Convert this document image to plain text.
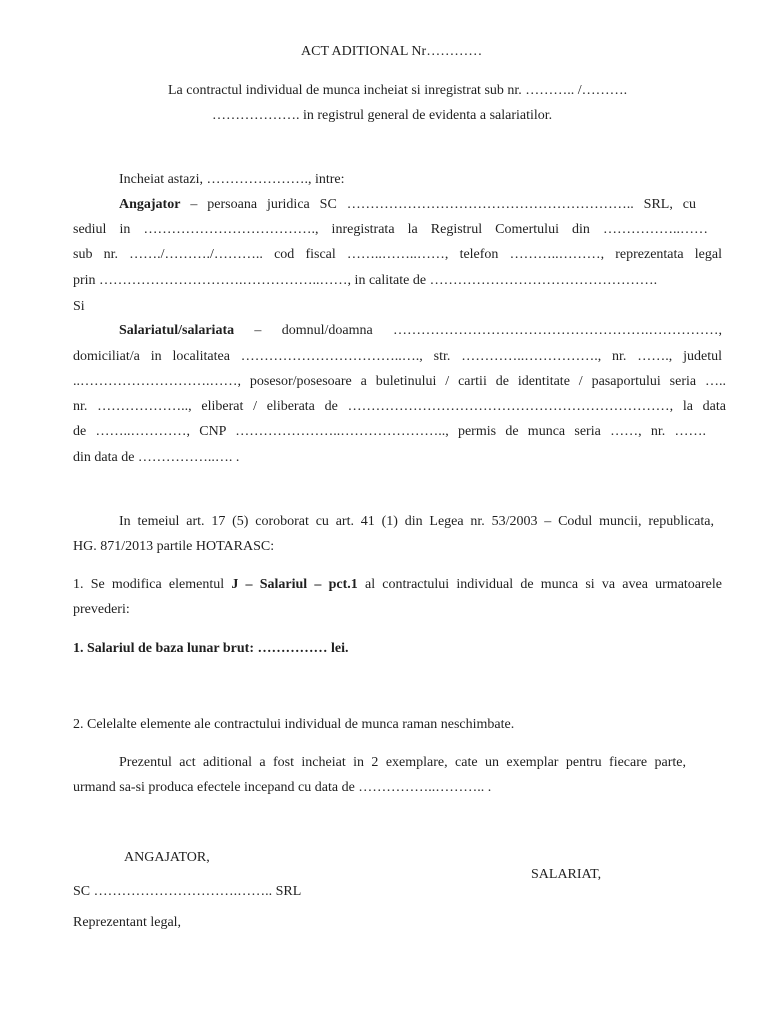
ACT ADITIONAL Nr…………
La contractul individual de munca incheiat si inregistrat sub nr. ……….. /……….
………………. in registrul general de evidenta a salariatilor.
Incheiat astazi, …………………., intre:
Angajator – persoana juridica SC …………………………………………………….. SRL, cu
sediul in ………………………………., inregistrata la Registrul Comertului din ……………..……
sub nr. ……./………./……….. cod fiscal ……..……..……, telefon ………..………, reprezentata legal
prin ………………………….……………..……, in calitate de ………………………………………….
Si
Salariatul/salariata – domnul/doamna ……………………………………………….……………,
domiciliat/a in localitatea ……………………………..…., str. …………..……………., nr. ……., judetul
..……………………….……, posesor/posesoare a buletinului / cartii de identitate / pasaportului seria …..
nr. ……………….., eliberat / eliberata de ……………………………………………………………, la data
de ……..…………, CNP …………………..………………….., permis de munca seria ……, nr. …….
din data de ……………..…. .
In temeiul art. 17 (5) coroborat cu art. 41 (1) din Legea nr. 53/2003 – Codul muncii, republicata,
HG. 871/2013 partile HOTARASC:
1. Se modifica elementul J – Salariul – pct.1 al contractului individual de munca si va avea urmatoarele
prevederi:
1. Salariul de baza lunar brut: …………… lei.
2. Celelalte elemente ale contractului individual de munca raman neschimbate.
Prezentul act aditional a fost incheiat in 2 exemplare, cate un exemplar pentru fiecare parte,
urmand sa-si produca efectele incepand cu data de ……………..……….. .
ANGAJATOR,
SALARIAT,
SC ………………………….…….. SRL
Reprezentant legal,
